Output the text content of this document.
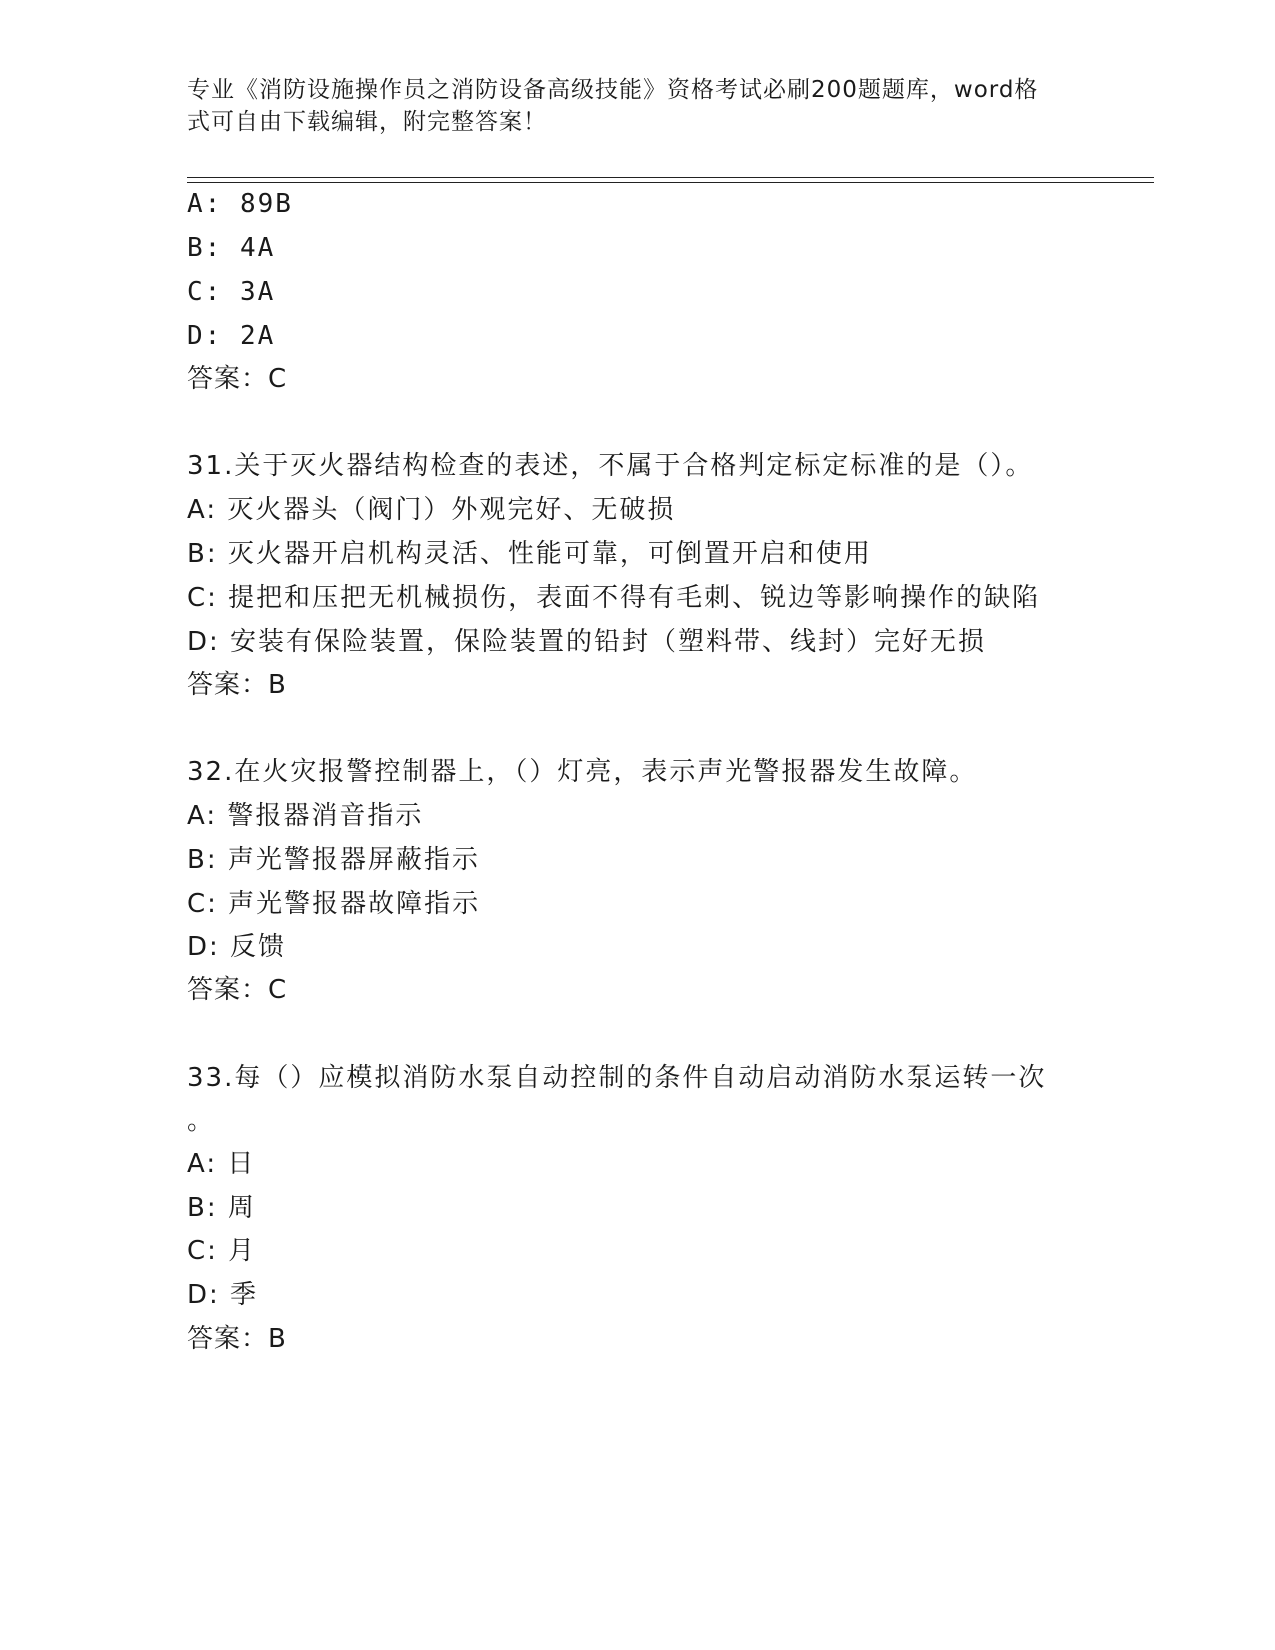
专业《消防设施操作员之消防设备高级技能》资格考试必刷200题题库，word格
式可自由下载编辑，附完整答案！
A: 89B
B: 4A
C: 3A
D: 2A
答案：C
31.关于灭火器结构检查的表述，不属于合格判定标定标准的是（）。
A: 灭火器头（阀门）外观完好、无破损
B: 灭火器开启机构灵活、性能可靠，可倒置开启和使用
C: 提把和压把无机械损伤，表面不得有毛刺、锐边等影响操作的缺陷
D: 安装有保险装置，保险装置的铅封（塑料带、线封）完好无损
答案：B
32.在火灾报警控制器上，（）灯亮，表示声光警报器发生故障。
A: 警报器消音指示
B: 声光警报器屏蔽指示
C: 声光警报器故障指示
D: 反馈
答案：C
33.每（）应模拟消防水泵自动控制的条件自动启动消防水泵运转一次
。
A: 日
B: 周
C: 月
D: 季
答案：B
